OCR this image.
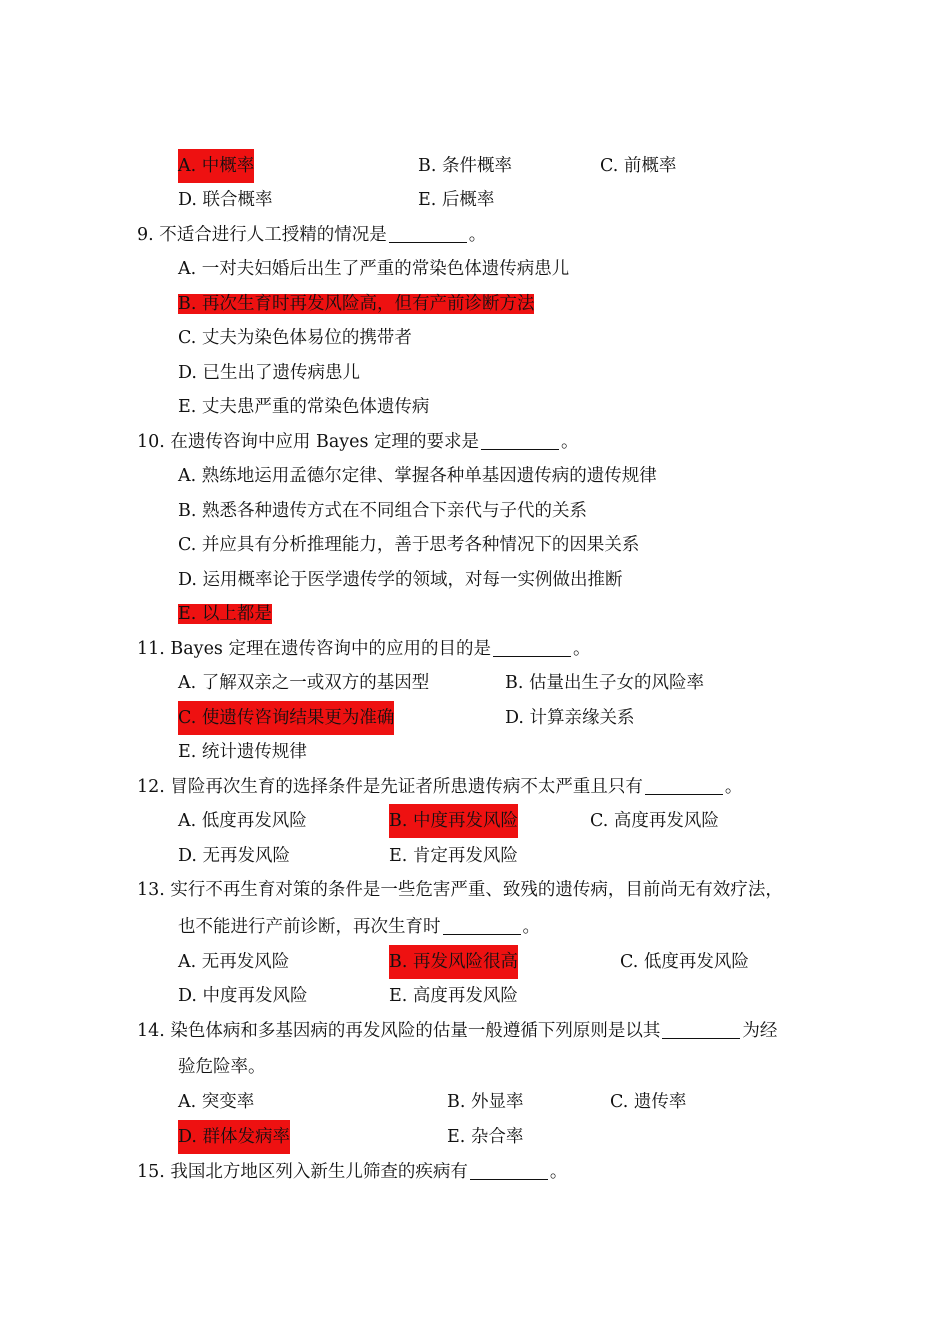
A. 中概率	B. 条件概率	C. 前概率
D. 联合概率	E. 后概率
9. 不适合进行人工授精的情况是	。
A. 一对夫妇婚后出生了严重的常染色体遗传病患儿
B. 再次生育时再发风险高，但有产前诊断方法
C. 丈夫为染色体易位的携带者
D. 已生出了遗传病患儿
E. 丈夫患严重的常染色体遗传病
10. 在遗传咨询中应用 Bayes 定理的要求是	。
A. 熟练地运用孟德尔定律、掌握各种单基因遗传病的遗传规律
B. 熟悉各种遗传方式在不同组合下亲代与子代的关系
C. 并应具有分析推理能力，善于思考各种情况下的因果关系
D. 运用概率论于医学遗传学的领域，对每一实例做出推断
E. 以上都是
11. Bayes 定理在遗传咨询中的应用的目的是	。
A. 了解双亲之一或双方的基因型	B. 估量出生子女的风险率
C. 使遗传咨询结果更为准确	D. 计算亲缘关系
E. 统计遗传规律
12. 冒险再次生育的选择条件是先证者所患遗传病不太严重且只有	。
A. 低度再发风险	B. 中度再发风险	C. 高度再发风险
D. 无再发风险	E. 肯定再发风险
13. 实行不再生育对策的条件是一些危害严重、致残的遗传病，目前尚无有效疗法，
也不能进行产前诊断，再次生育时	。
A. 无再发风险	B. 再发风险很高	C. 低度再发风险
D. 中度再发风险	E. 高度再发风险
14. 染色体病和多基因病的再发风险的估量一般遵循下列原则是以其	为经
验危险率。
A. 突变率	B. 外显率	C. 遗传率
D. 群体发病率	E. 杂合率
15. 我国北方地区列入新生儿筛查的疾病有	。
